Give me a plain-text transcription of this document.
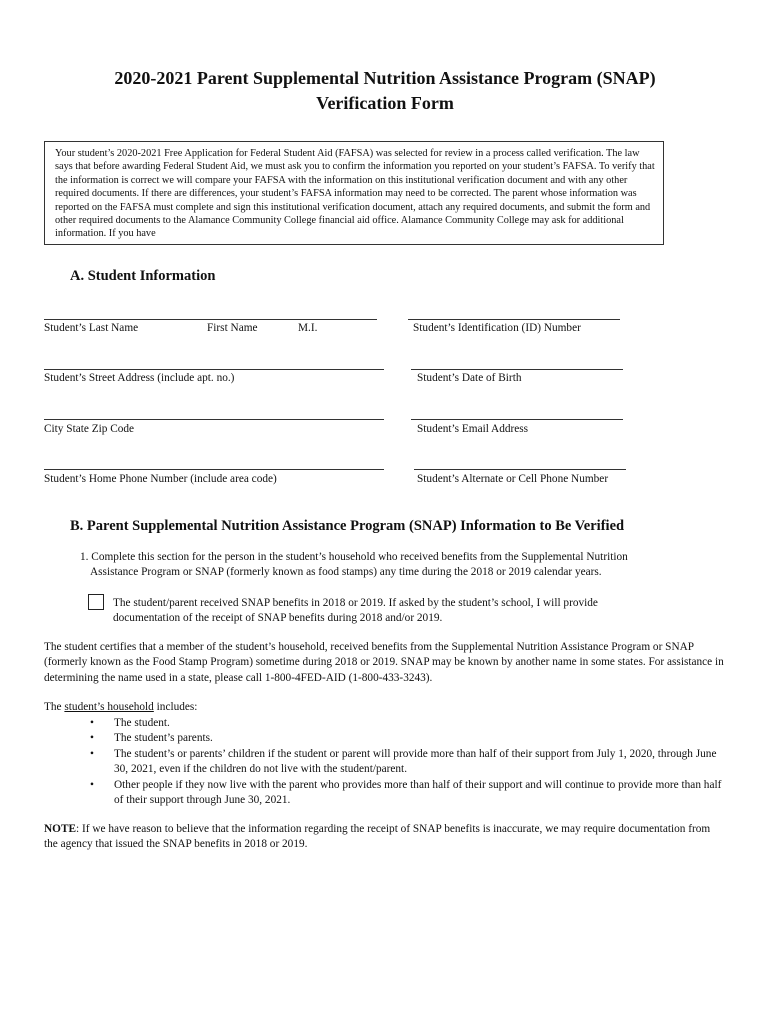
2020-2021 Parent Supplemental Nutrition Assistance Program (SNAP)
Verification Form
Your student’s 2020-2021 Free Application for Federal Student Aid (FAFSA) was selected for review in a process called verification. The law says that before awarding Federal Student Aid, we must ask you to confirm the information you reported on your student’s FAFSA. To verify that the information is correct we will compare your FAFSA with the information on this institutional verification document and with any other required documents. If there are differences, your student’s FAFSA information may need to be corrected. The parent whose information was reported on the FAFSA must complete and sign this institutional verification document, attach any required documents, and submit the form and other required documents to the Alamance Community College financial aid office. Alamance Community College may ask for additional information. If you have
A. Student Information
Student’s Last Name	First Name	M.I.	Student’s Identification (ID) Number
Student’s Street Address (include apt. no.)	Student’s Date of Birth
City State Zip Code	Student’s Email Address
Student’s Home Phone Number (include area code)	Student’s Alternate or Cell Phone Number
B. Parent Supplemental Nutrition Assistance Program (SNAP) Information to Be Verified
1. Complete this section for the person in the student’s household who received benefits from the Supplemental Nutrition
Assistance Program or SNAP (formerly known as food stamps) any time during the 2018 or 2019 calendar years.
The student/parent received SNAP benefits in 2018 or 2019. If asked by the student’s school, I will provide
documentation of the receipt of SNAP benefits during 2018 and/or 2019.
The student certifies that a member of the student’s household, received benefits from the Supplemental Nutrition Assistance Program or SNAP (formerly known as the Food Stamp Program) sometime during 2018 or 2019. SNAP may be known by another name in some states. For assistance in determining the name used in a state, please call 1-800-4FED-AID (1-800-433-3243).
The student’s household includes:
• The student.
• The student’s parents.
• The student’s or parents’ children if the student or parent will provide more than half of their support from July 1, 2020, through June 30, 2021, even if the children do not live with the student/parent.
• Other people if they now live with the parent who provides more than half of their support and will continue to provide more than half of their support through June 30, 2021.
NOTE: If we have reason to believe that the information regarding the receipt of SNAP benefits is inaccurate, we may require documentation from the agency that issued the SNAP benefits in 2018 or 2019.
